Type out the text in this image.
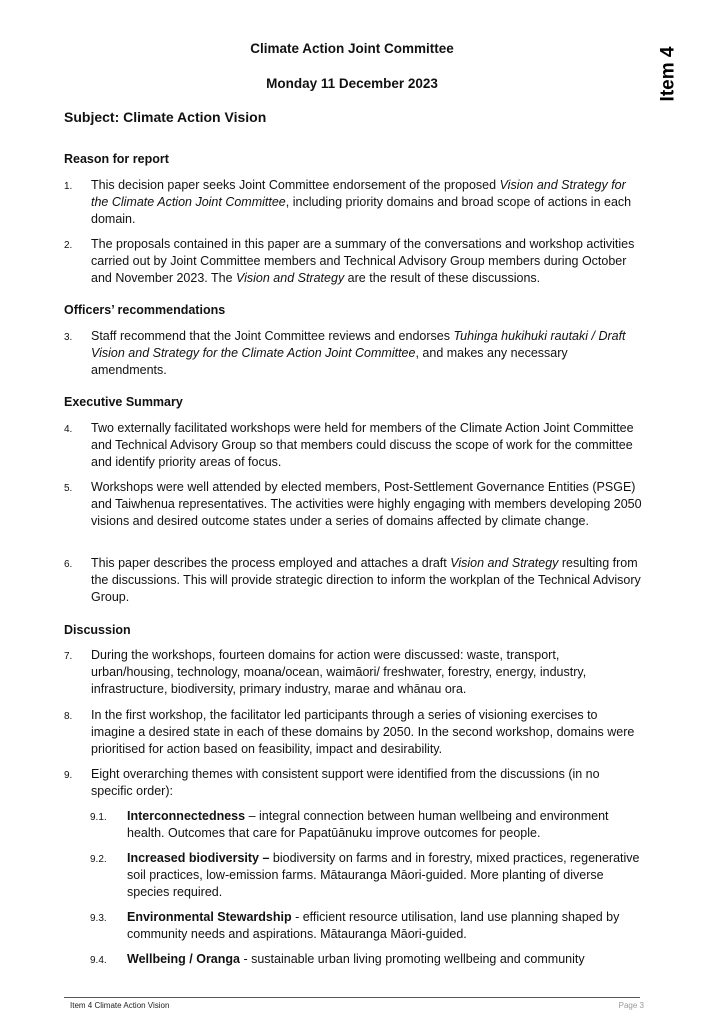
Item 4
Climate Action Joint Committee
Monday 11 December 2023
Subject: Climate Action Vision
Reason for report
1. This decision paper seeks Joint Committee endorsement of the proposed Vision and Strategy for the Climate Action Joint Committee, including priority domains and broad scope of actions in each domain.
2. The proposals contained in this paper are a summary of the conversations and workshop activities carried out by Joint Committee members and Technical Advisory Group members during October and November 2023. The Vision and Strategy are the result of these discussions.
Officers’ recommendations
3. Staff recommend that the Joint Committee reviews and endorses Tuhinga hukihuki rautaki / Draft Vision and Strategy for the Climate Action Joint Committee, and makes any necessary amendments.
Executive Summary
4. Two externally facilitated workshops were held for members of the Climate Action Joint Committee and Technical Advisory Group so that members could discuss the scope of work for the committee and identify priority areas of focus.
5. Workshops were well attended by elected members, Post-Settlement Governance Entities (PSGE) and Taiwhenua representatives. The activities were highly engaging with members developing 2050 visions and desired outcome states under a series of domains affected by climate change.
6. This paper describes the process employed and attaches a draft Vision and Strategy resulting from the discussions. This will provide strategic direction to inform the workplan of the Technical Advisory Group.
Discussion
7. During the workshops, fourteen domains for action were discussed: waste, transport, urban/housing, technology, moana/ocean, waimāori/ freshwater, forestry, energy, industry, infrastructure, biodiversity, primary industry, marae and whānau ora.
8. In the first workshop, the facilitator led participants through a series of visioning exercises to imagine a desired state in each of these domains by 2050. In the second workshop, domains were prioritised for action based on feasibility, impact and desirability.
9. Eight overarching themes with consistent support were identified from the discussions (in no specific order):
9.1. Interconnectedness – integral connection between human wellbeing and environment health. Outcomes that care for Papatūānuku improve outcomes for people.
9.2. Increased biodiversity – biodiversity on farms and in forestry, mixed practices, regenerative soil practices, low-emission farms. Mātauranga Māori-guided. More planting of diverse species required.
9.3. Environmental Stewardship - efficient resource utilisation, land use planning shaped by community needs and aspirations. Mātauranga Māori-guided.
9.4. Wellbeing / Oranga - sustainable urban living promoting wellbeing and community
Item 4 Climate Action Vision	Page 3
